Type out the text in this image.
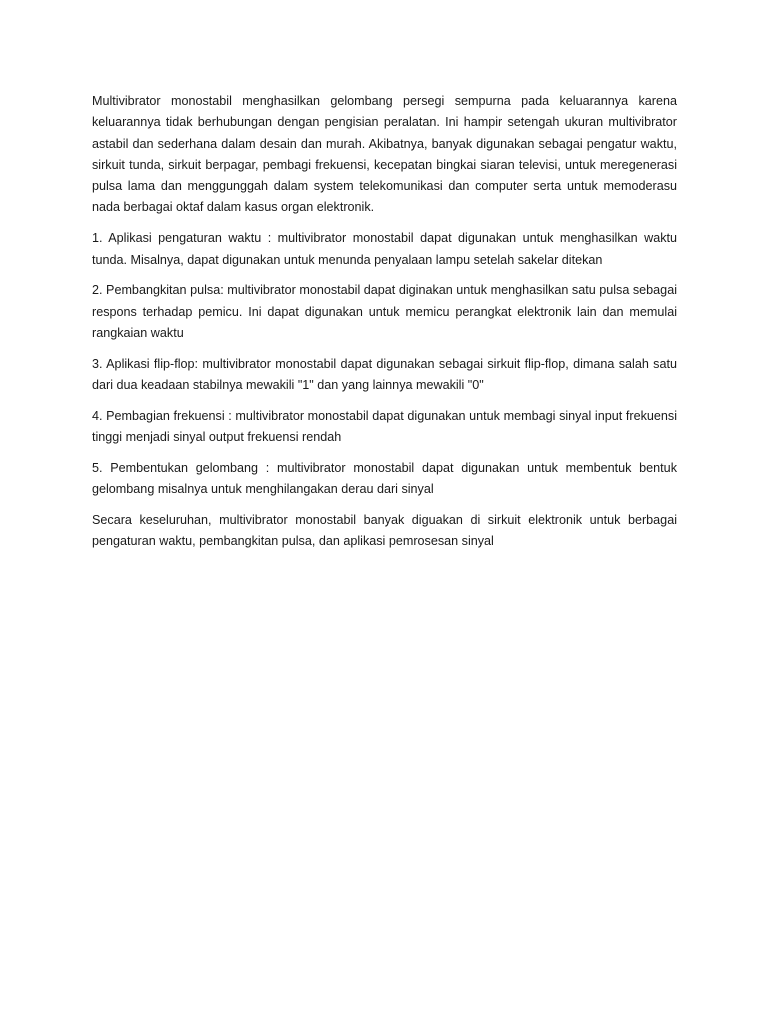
Multivibrator monostabil menghasilkan gelombang persegi sempurna pada keluarannya karena keluarannya tidak berhubungan dengan pengisian peralatan. Ini hampir setengah ukuran multivibrator astabil dan sederhana dalam desain dan murah. Akibatnya, banyak digunakan sebagai pengatur waktu, sirkuit tunda, sirkuit berpagar, pembagi frekuensi, kecepatan bingkai siaran televisi, untuk meregenerasi pulsa lama dan menggunggah dalam system telekomunikasi dan computer serta untuk memoderasu nada berbagai oktaf dalam kasus organ elektronik.

1. Aplikasi pengaturan waktu : multivibrator monostabil dapat digunakan untuk menghasilkan waktu tunda. Misalnya, dapat digunakan untuk menunda penyalaan lampu setelah sakelar ditekan

2. Pembangkitan pulsa: multivibrator monostabil dapat diginakan untuk menghasilkan satu pulsa sebagai respons terhadap pemicu. Ini dapat digunakan untuk memicu perangkat elektronik lain dan memulai rangkaian waktu

3. Aplikasi flip-flop: multivibrator monostabil dapat digunakan sebagai sirkuit flip-flop, dimana salah satu dari dua keadaan stabilnya mewakili "1" dan yang lainnya mewakili "0"

4. Pembagian frekuensi : multivibrator monostabil dapat digunakan untuk membagi sinyal input frekuensi tinggi menjadi sinyal output frekuensi rendah

5. Pembentukan gelombang : multivibrator monostabil dapat digunakan untuk membentuk bentuk gelombang misalnya untuk menghilangakan derau dari sinyal

Secara keseluruhan, multivibrator monostabil banyak diguakan di sirkuit elektronik untuk berbagai pengaturan waktu, pembangkitan pulsa, dan aplikasi pemrosesan sinyal
